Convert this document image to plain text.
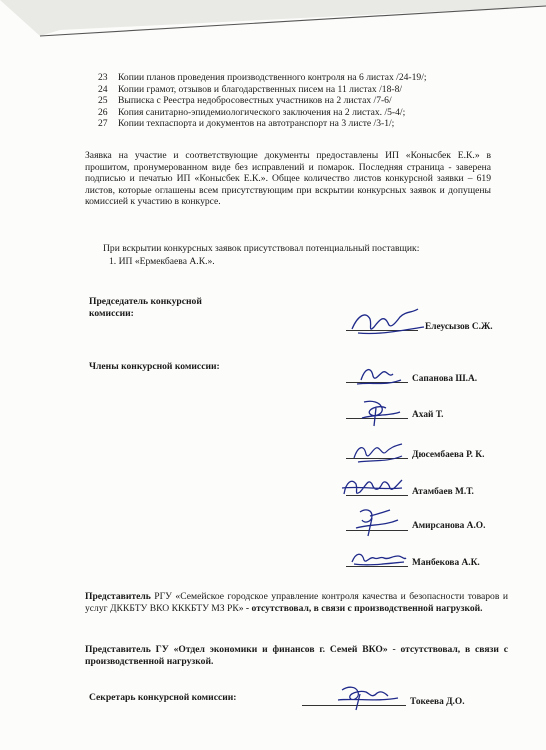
23 Копии планов проведения производственного контроля на 6 листах /24-19/;
24 Копии грамот, отзывов и благодарственных писем на 11 листах /18-8/
25 Выписка с Реестра недобросовестных участников на 2 листах /7-6/
26 Копия санитарно-эпидемиологического заключения на 2 листах. /5-4/;
27 Копии техпаспорта и документов на автотранспорт на 3 листе /3-1/;
Заявка на участие и соответствующие документы предоставлены ИП «Конысбек Е.К.» в прошитом, пронумерованном виде без исправлений и помарок. Последняя страница - заверена подписью и печатью ИП «Конысбек Е.К.». Общее количество листов конкурсной заявки – 619 листов, которые оглашены всем присутствующим при вскрытии конкурсных заявок и допущены комиссией к участию в конкурсе.
При вскрытии конкурсных заявок присутствовал потенциальный поставщик:
1. ИП «Ермекбаева А.К.».
Председатель конкурсной
комиссии:
Елеусызов С.Ж.
Члены конкурсной комиссии:
Сапанова Ш.А.
Ахай Т.
Дюсембаева Р. К.
Атамбаев М.Т.
Амирсанова А.О.
Манбекова А.К.
Представитель РГУ «Семейское городское управление контроля качества и безопасности товаров и услуг ДККБТУ ВКО КККБТУ МЗ РК» - отсутствовал, в связи с производственной нагрузкой.
Представитель ГУ «Отдел экономики и финансов г. Семей ВКО» - отсутствовал, в связи с производственной нагрузкой.
Секретарь конкурсной комиссии:	Токеева Д.О.
